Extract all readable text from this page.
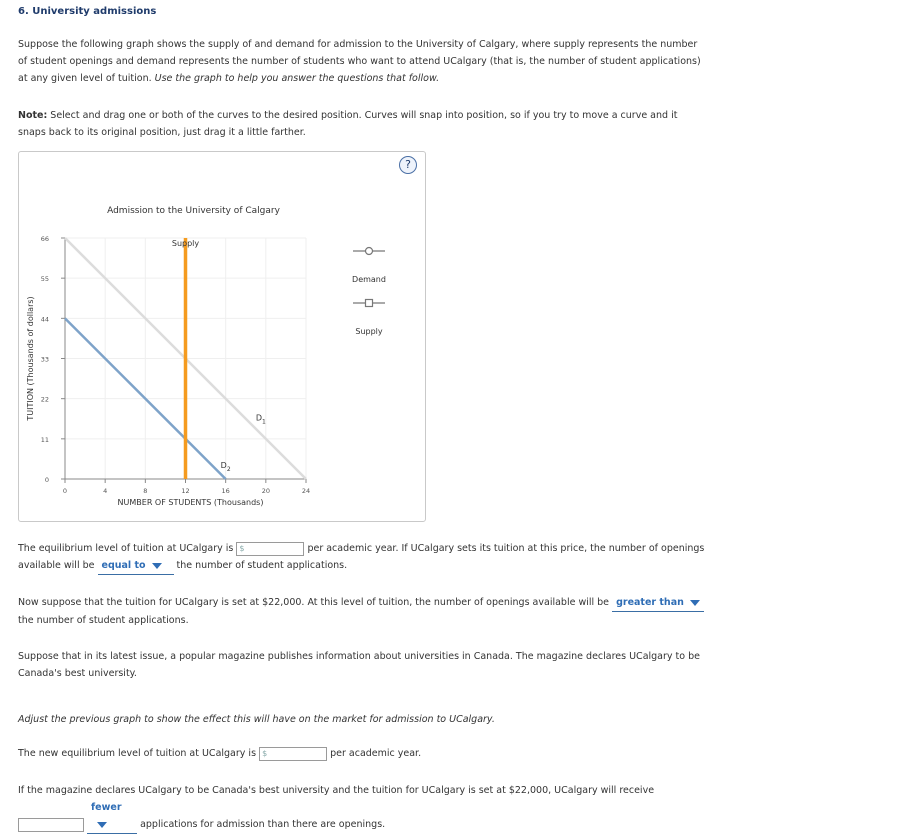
6. University admissions
Suppose the following graph shows the supply of and demand for admission to the University of Calgary, where supply represents the number of student openings and demand represents the number of students who want to attend UCalgary (that is, the number of student applications) at any given level of tuition. Use the graph to help you answer the questions that follow.
Note: Select and drag one or both of the curves to the desired position. Curves will snap into position, so if you try to move a curve and it snaps back to its original position, just drag it a little farther.
?
Admission to the University of Calgary
0
11
22
33
44
55
66
0	4	8	12	16	20	24
NUMBER OF STUDENTS (Thousands)
TUITION (Thousands of dollars)
Supply
$D_1$
$D_2$
Demand
Supply
The equilibrium level of tuition at UCalgary is $	per academic year. If UCalgary sets its tuition at this price, the number of openings available will be equal to	the number of student applications.
Now suppose that the tuition for UCalgary is set at $22,000. At this level of tuition, the number of openings available will be greater than the number of student applications.
Suppose that in its latest issue, a popular magazine publishes information about universities in Canada. The magazine declares UCalgary to be Canada's best university.
Adjust the previous graph to show the effect this will have on the market for admission to UCalgary.
The new equilibrium level of tuition at UCalgary is $	per academic year.
If the magazine declares UCalgary to be Canada's best university and the tuition for UCalgary is set at $22,000, UCalgary will receive  fewer applications for admission than there are openings.
